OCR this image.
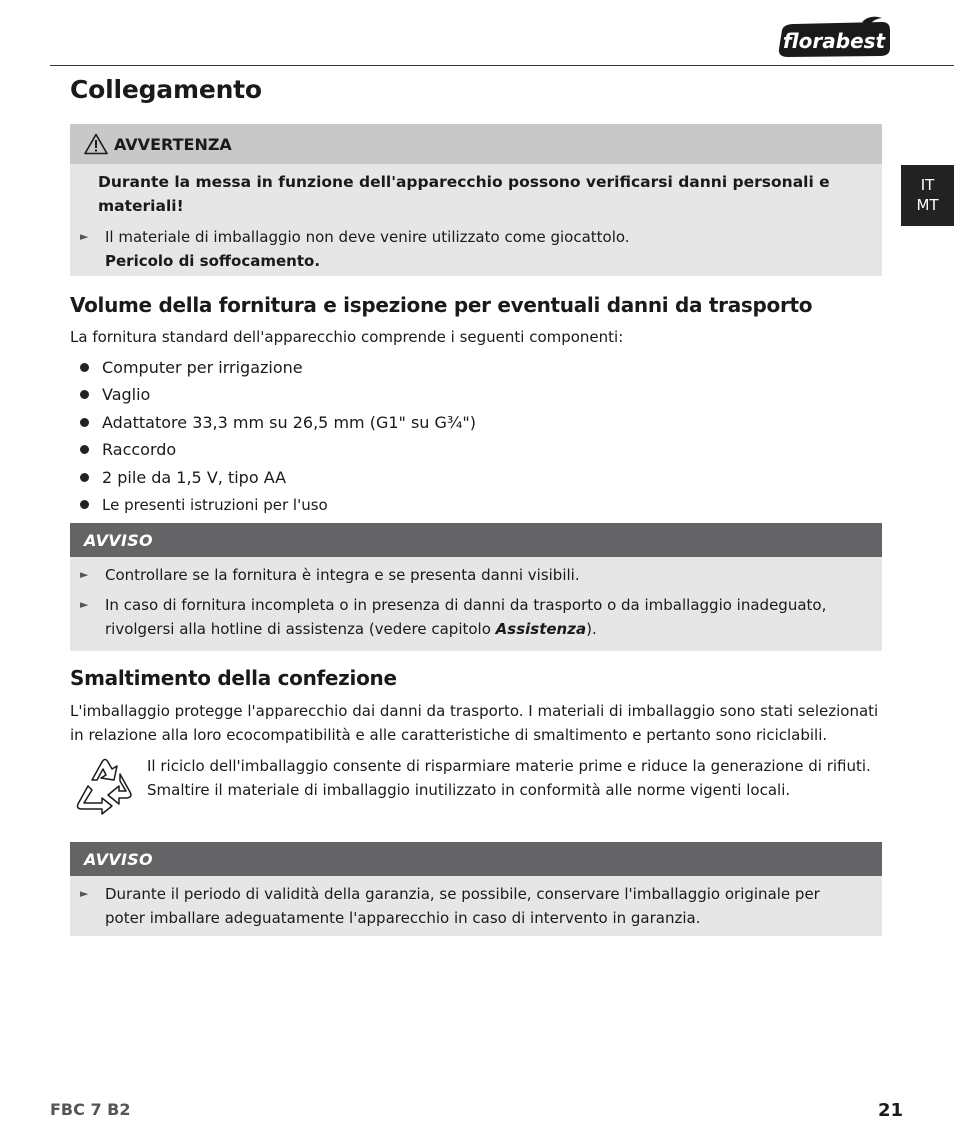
florabest
IT
MT
Collegamento
AVVERTENZA

Durante la messa in funzione dell'apparecchio possono verificarsi danni personali e materiali!

► Il materiale di imballaggio non deve venire utilizzato come giocattolo.
Pericolo di soffocamento.
Volume della fornitura e ispezione per eventuali danni da trasporto

La fornitura standard dell'apparecchio comprende i seguenti componenti:

Computer per irrigazione
Vaglio
Adattatore 33,3 mm su 26,5 mm (G1" su G¾")
Raccordo
2 pile da 1,5 V, tipo AA
Le presenti istruzioni per l'uso
AVVISO
► Controllare se la fornitura è integra e se presenta danni visibili.
► In caso di fornitura incompleta o in presenza di danni da trasporto o da imballaggio inadeguato, rivolgersi alla hotline di assistenza (vedere capitolo Assistenza).
Smaltimento della confezione

L'imballaggio protegge l'apparecchio dai danni da trasporto. I materiali di imballaggio sono stati selezionati in relazione alla loro ecocompatibilità e alle caratteristiche di smaltimento e pertanto sono riciclabili.

Il riciclo dell'imballaggio consente di risparmiare materie prime e riduce la generazione di rifiuti. Smaltire il materiale di imballaggio inutilizzato in conformità alle norme vigenti locali.

AVVISO
► Durante il periodo di validità della garanzia, se possibile, conservare l'imballaggio originale per poter imballare adeguatamente l'apparecchio in caso di intervento in garanzia.
FBC 7 B2	21
